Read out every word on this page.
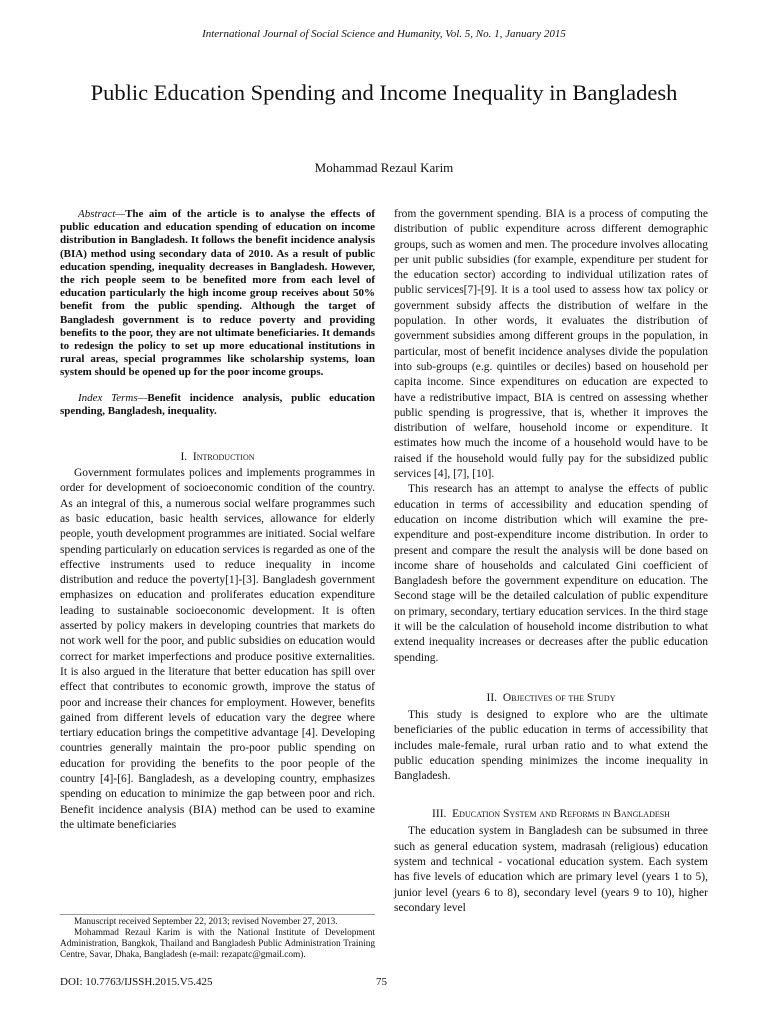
International Journal of Social Science and Humanity, Vol. 5, No. 1, January 2015
Public Education Spending and Income Inequality in Bangladesh
Mohammad Rezaul Karim

Abstract—The aim of the article is to analyse the effects of public education and education spending of education on income distribution in Bangladesh. It follows the benefit incidence analysis (BIA) method using secondary data of 2010. As a result of public education spending, inequality decreases in Bangladesh. However, the rich people seem to be benefited more from each level of education particularly the high income group receives about 50% benefit from the public spending. Although the target of Bangladesh government is to reduce poverty and providing benefits to the poor, they are not ultimate beneficiaries. It demands to redesign the policy to set up more educational institutions in rural areas, special programmes like scholarship systems, loan system should be opened up for the poor income groups.

Index Terms—Benefit incidence analysis, public education spending, Bangladesh, inequality.

I. Introduction

Government formulates polices and implements programmes in order for development of socioeconomic condition of the country. As an integral of this, a numerous social welfare programmes such as basic education, basic health services, allowance for elderly people, youth development programmes are initiated. Social welfare spending particularly on education services is regarded as one of the effective instruments used to reduce inequality in income distribution and reduce the poverty[1]-[3]. Bangladesh government emphasizes on education and proliferates education expenditure leading to sustainable socioeconomic development. It is often asserted by policy makers in developing countries that markets do not work well for the poor, and public subsidies on education would correct for market imperfections and produce positive externalities. It is also argued in the literature that better education has spill over effect that contributes to economic growth, improve the status of poor and increase their chances for employment. However, benefits gained from different levels of education vary the degree where tertiary education brings the competitive advantage [4]. Developing countries generally maintain the pro-poor public spending on education for providing the benefits to the poor people of the country [4]-[6]. Bangladesh, as a developing country, emphasizes spending on education to minimize the gap between poor and rich. Benefit incidence analysis (BIA) method can be used to examine the ultimate beneficiaries

Manuscript received September 22, 2013; revised November 27, 2013.

Mohammad Rezaul Karim is with the National Institute of Development Administration, Bangkok, Thailand and Bangladesh Public Administration Training Centre, Savar, Dhaka, Bangladesh (e-mail: rezapatc@gmail.com).

from the government spending. BIA is a process of computing the distribution of public expenditure across different demographic groups, such as women and men. The procedure involves allocating per unit public subsidies (for example, expenditure per student for the education sector) according to individual utilization rates of public services[7]-[9]. It is a tool used to assess how tax policy or government subsidy affects the distribution of welfare in the population. In other words, it evaluates the distribution of government subsidies among different groups in the population, in particular, most of benefit incidence analyses divide the population into sub-groups (e.g. quintiles or deciles) based on household per capita income. Since expenditures on education are expected to have a redistributive impact, BIA is centred on assessing whether public spending is progressive, that is, whether it improves the distribution of welfare, household income or expenditure. It estimates how much the income of a household would have to be raised if the household would fully pay for the subsidized public services [4], [7], [10].

This research has an attempt to analyse the effects of public education in terms of accessibility and education spending of education on income distribution which will examine the pre-expenditure and post-expenditure income distribution. In order to present and compare the result the analysis will be done based on income share of households and calculated Gini coefficient of Bangladesh before the government expenditure on education. The Second stage will be the detailed calculation of public expenditure on primary, secondary, tertiary education services. In the third stage it will be the calculation of household income distribution to what extend inequality increases or decreases after the public education spending.

II. Objectives of the Study

This study is designed to explore who are the ultimate beneficiaries of the public education in terms of accessibility that includes male-female, rural urban ratio and to what extend the public education spending minimizes the income inequality in Bangladesh.

III. Education System and Reforms in Bangladesh

The education system in Bangladesh can be subsumed in three such as general education system, madrasah (religious) education system and technical - vocational education system. Each system has five levels of education which are primary level (years 1 to 5), junior level (years 6 to 8), secondary level (years 9 to 10), higher secondary level

DOI: 10.7763/IJSSH.2015.V5.425	75
